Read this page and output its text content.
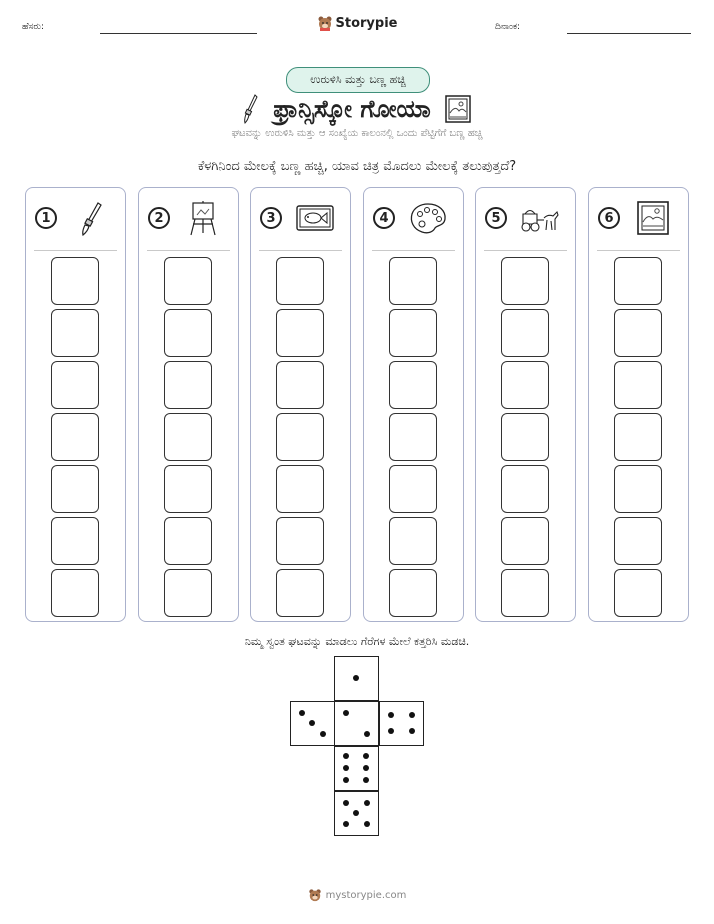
ಹೆಸರು:	Storypie	ದಿನಾಂಕ:
ಉರುಳಿಸಿ ಮತ್ತು ಬಣ್ಣ ಹಚ್ಚಿ
ಫ್ರಾನ್ಸಿಸ್ಕೋ ಗೋಯಾ
ಘಟವನ್ನು ಉರುಳಿಸಿ ಮತ್ತು ಆ ಸಂಖ್ಯೆಯ ಕಾಲಂನಲ್ಲಿ ಒಂದು ಪೆಟ್ಟಿಗೆಗೆ ಬಣ್ಣ ಹಚ್ಚಿ
ಕೆಳಗಿನಿಂದ ಮೇಲಕ್ಕೆ ಬಣ್ಣ ಹಚ್ಚಿ, ಯಾವ ಚಿತ್ರ ಮೊದಲು ಮೇಲಕ್ಕೆ ತಲುಪುತ್ತದೆ?
1	2	3	4	5	6
ನಿಮ್ಮ ಸ್ವಂತ ಘಟವನ್ನು ಮಾಡಲು ಗೆರೆಗಳ ಮೇಲೆ ಕತ್ತರಿಸಿ ಮಡಚಿ.
mystorypie.com
